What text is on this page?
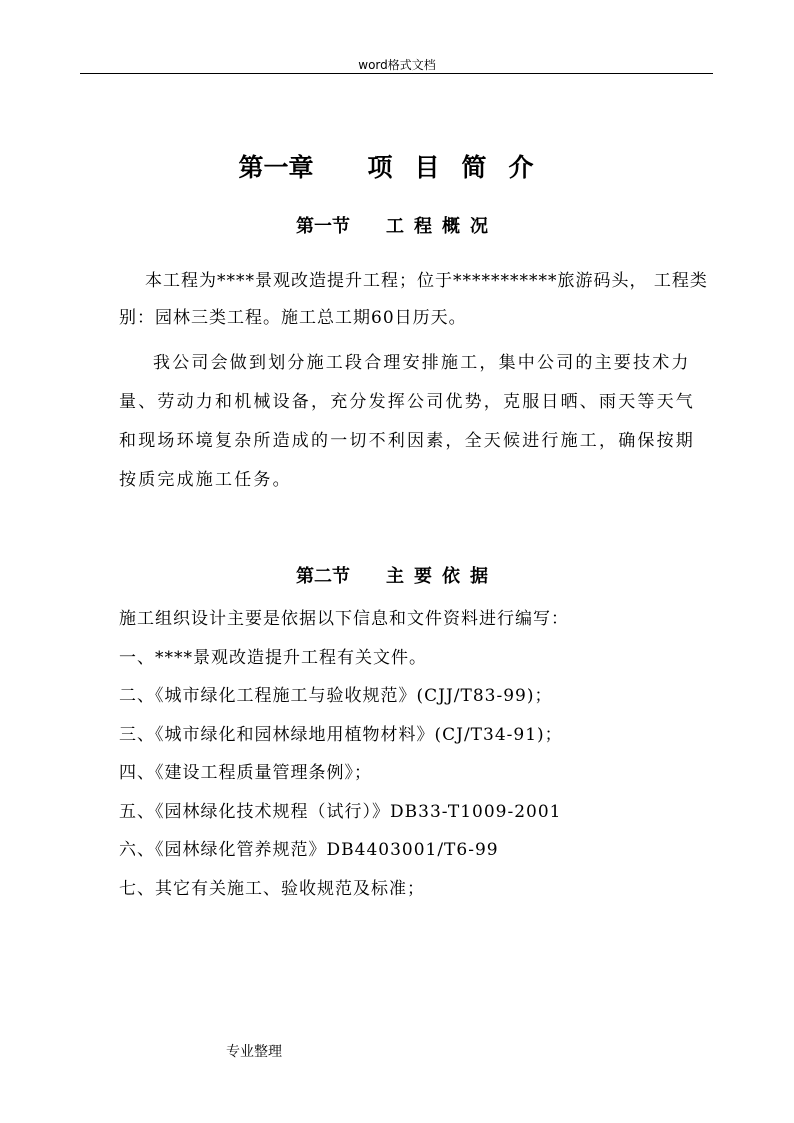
word格式文档
第一章 项目简介
第一节 工程概况
本工程为****景观改造提升工程；位于***********旅游码头， 工程类别：园林三类工程。施工总工期60日历天。
我公司会做到划分施工段合理安排施工，集中公司的主要技术力量、劳动力和机械设备，充分发挥公司优势，克服日晒、雨天等天气和现场环境复杂所造成的一切不利因素，全天候进行施工，确保按期按质完成施工任务。
第二节 主要依据
施工组织设计主要是依据以下信息和文件资料进行编写：
一、****景观改造提升工程有关文件。
二、《城市绿化工程施工与验收规范》(CJJ/T83-99)；
三、《城市绿化和园林绿地用植物材料》(CJ/T34-91)；
四、《建设工程质量管理条例》；
五、《园林绿化技术规程（试行）》DB33-T1009-2001
六、《园林绿化管养规范》DB4403001/T6-99
七、其它有关施工、验收规范及标准；
专业整理
